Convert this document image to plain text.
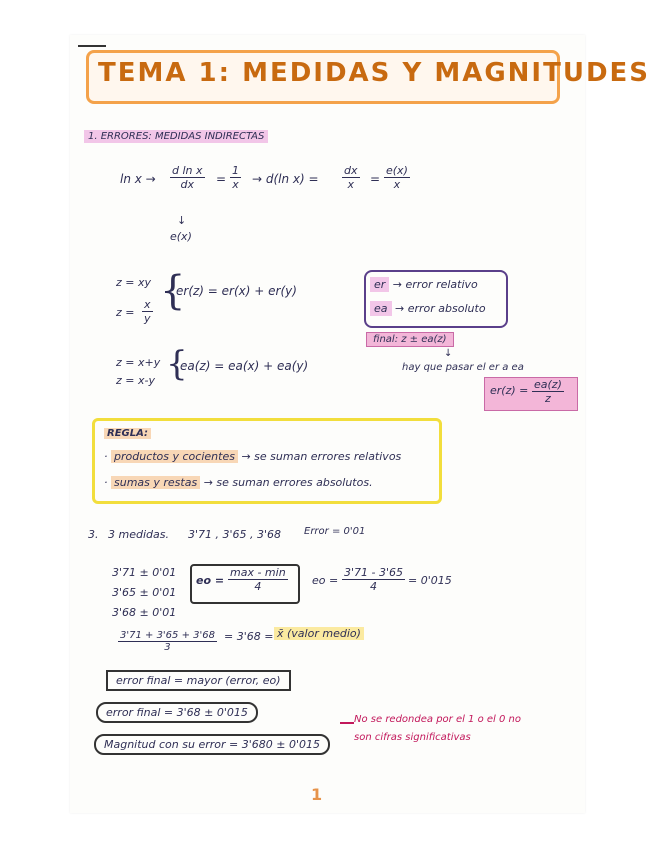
TEMA 1: MEDIDAS Y MAGNITUDES
1. ERRORES: MEDIDAS INDIRECTAS
$\ln x \to \frac{\text{d ln x}}{dx} = \frac{1}{x} \to d(\ln$ $x) = \frac{dx}{x} = \frac{e(x)}{x}$
↓
e(x)
z = xy
$z = \frac{x}{y}$ {
er(z) = er(x) + er(y)	er → error relativo
ea → error absoluto
final: z ± ea(z)
↓
hay que pasar el er a ea
$er(z) = \frac{ea(z)}{z}$
z = x+y
z = x-y {
ea(z) = ea(x) + ea(y)
REGLA:
· productos y cocientes → se suman errores relativos
· sumas y restas → se suman errores absolutos.
3. 3 medidas. 3'71 , 3'65 , 3'68 Error = 0'01
3'71 ± 0'01
3'65 ± 0'01
3'68 ± 0'01
eo =
max - min
4	eo = $\frac{3'71 - 3'65}{4} = 0'015$
$\frac{3'71 + 3'65 + 3'68}{3} = 3'68$ = x̄ (valor medio)
error final = mayor (error, eo)
error final = 3'68 ± 0'015
Magnitud con su error = 3'680 ± 0'015
No se redondea por el 1 o el 0 no
son cifras significativas
1
